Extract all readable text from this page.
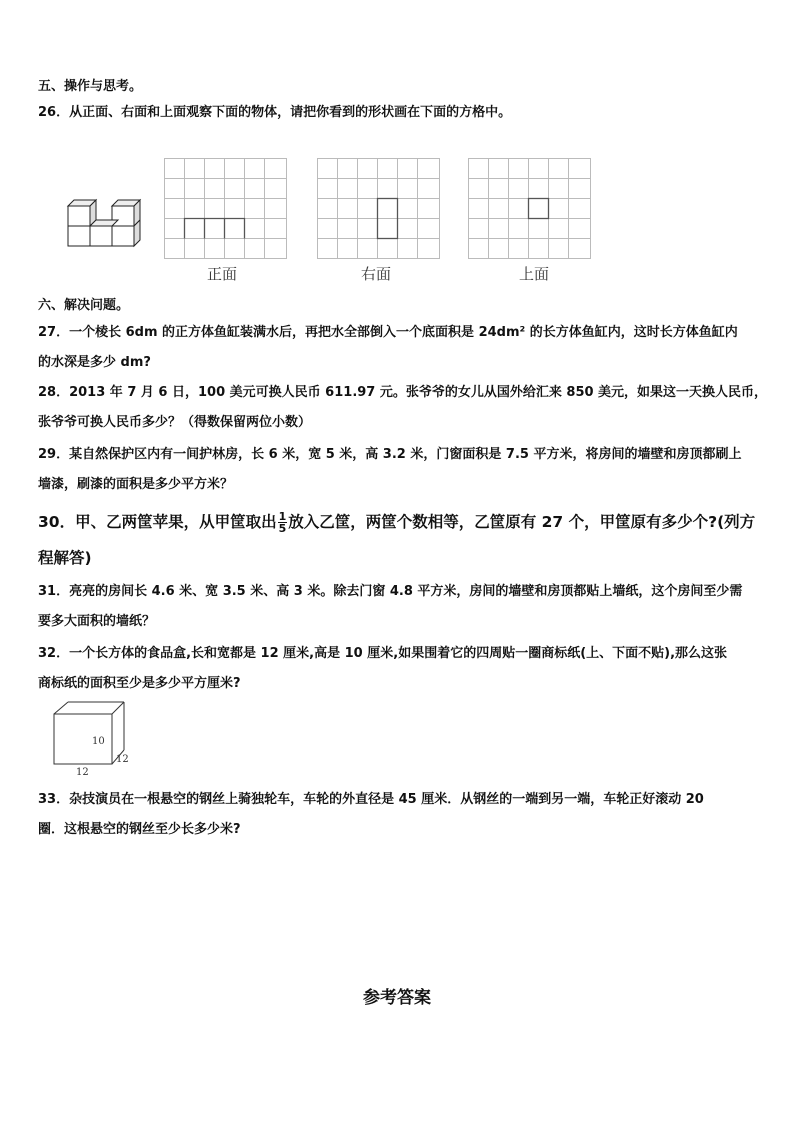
五、操作与思考。
26．从正面、右面和上面观察下面的物体，请把你看到的形状画在下面的方格中。
正面	右面	上面
六、解决问题。
27．一个棱长 6dm 的正方体鱼缸装满水后，再把水全部倒入一个底面积是 24dm² 的长方体鱼缸内，这时长方体鱼缸内
的水深是多少 dm?
28．2013 年 7 月 6 日，100 美元可换人民币 611.97 元。张爷爷的女儿从国外给汇来 850 美元，如果这一天换人民币，
张爷爷可换人民币多少？（得数保留两位小数）
29．某自然保护区内有一间护林房，长 6 米，宽 5 米，高 3.2 米，门窗面积是 7.5 平方米，将房间的墙壁和房顶都刷上
墙漆，刷漆的面积是多少平方米？
30．甲、乙两筐苹果，从甲筐取出 $\frac{1}{5}$ 放入乙筐，两筐个数相等，乙筐原有 27 个，甲筐原有多少个?(列方
程解答)
31．亮亮的房间长 4.6 米、宽 3.5 米、高 3 米。除去门窗 4.8 平方米，房间的墙壁和房顶都贴上墙纸，这个房间至少需
要多大面积的墙纸？
32．一个长方体的食品盒,长和宽都是 12 厘米,高是 10 厘米,如果围着它的四周贴一圈商标纸(上、下面不贴),那么这张
商标纸的面积至少是多少平方厘米?
10
12
12
33．杂技演员在一根悬空的钢丝上骑独轮车，车轮的外直径是 45 厘米．从钢丝的一端到另一端，车轮正好滚动 20
圈．这根悬空的钢丝至少长多少米?
参考答案
